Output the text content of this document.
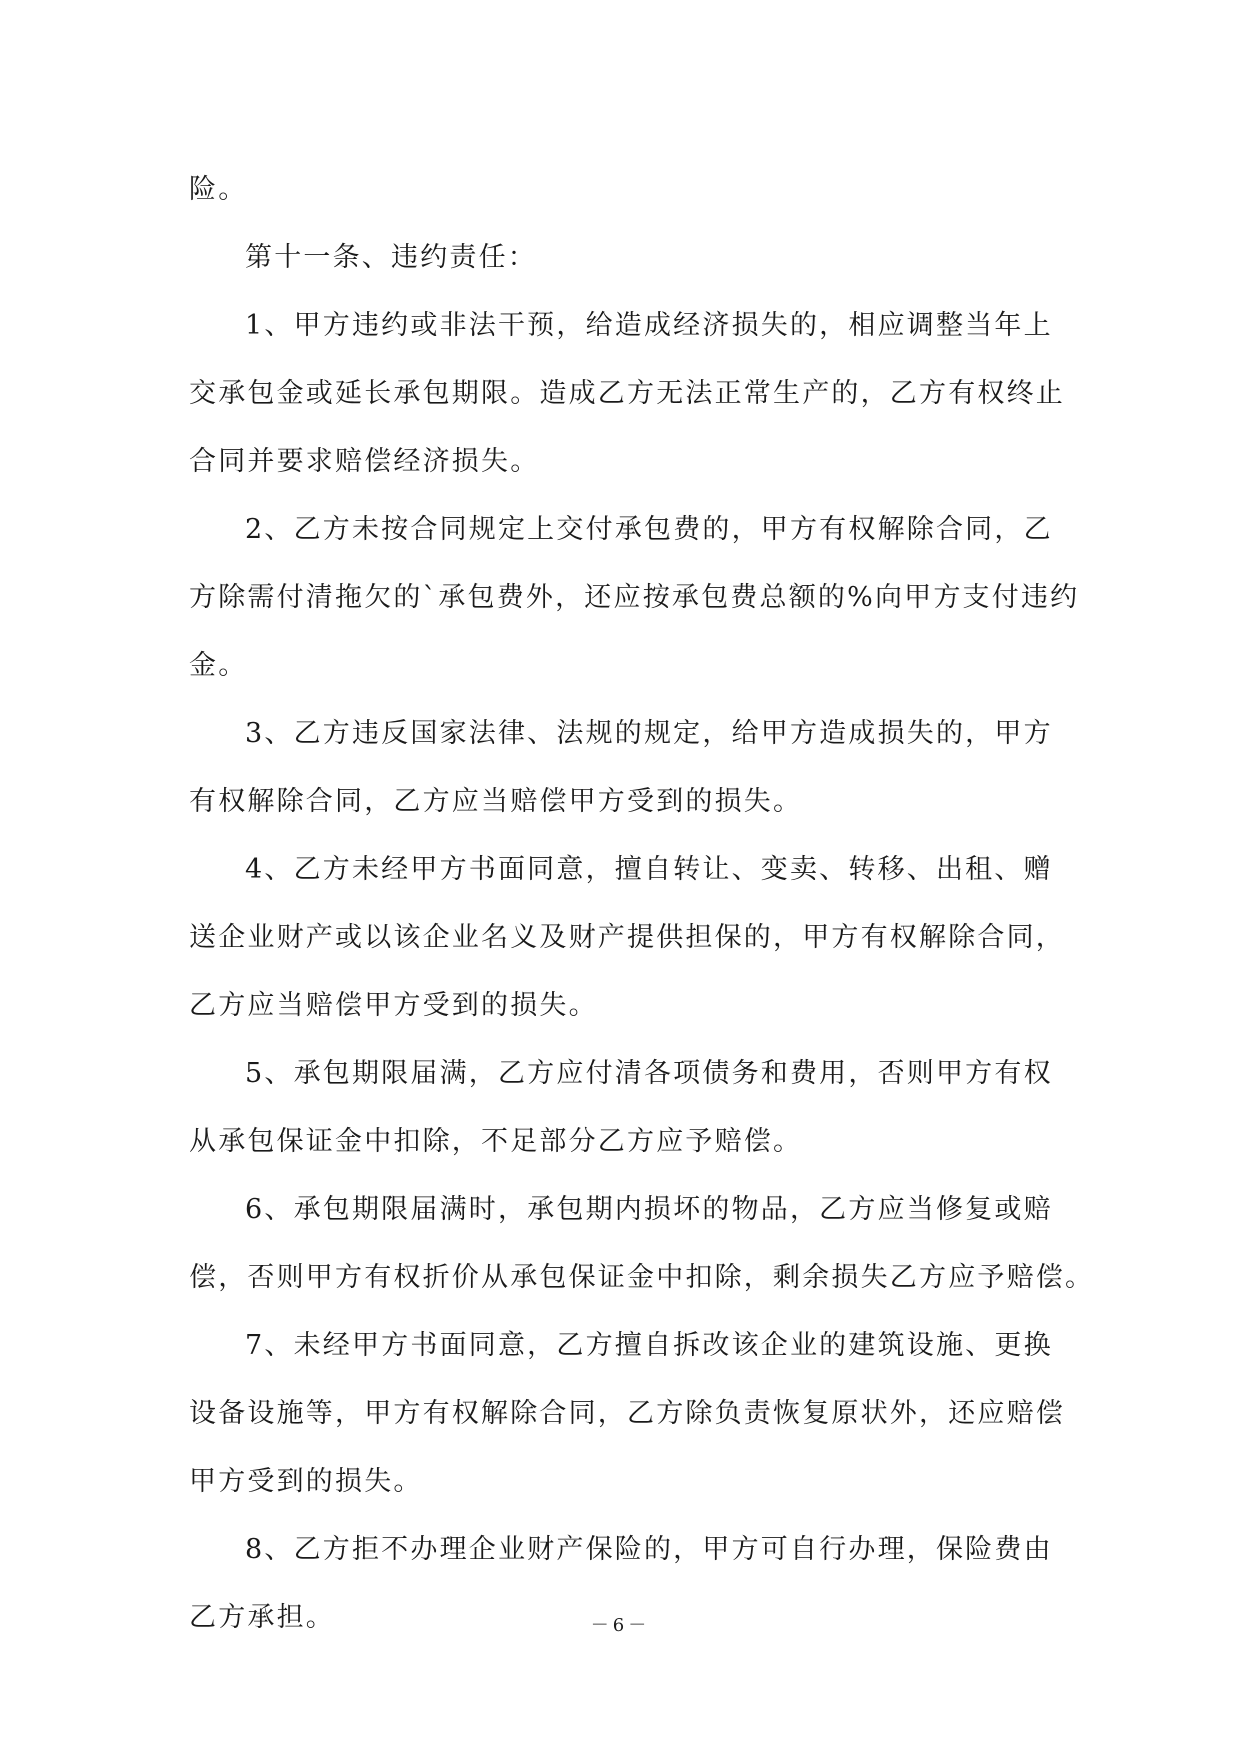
险。
第十一条、违约责任：
1、甲方违约或非法干预，给造成经济损失的，相应调整当年上
交承包金或延长承包期限。造成乙方无法正常生产的，乙方有权终止
合同并要求赔偿经济损失。
2、乙方未按合同规定上交付承包费的，甲方有权解除合同，乙
方除需付清拖欠的`承包费外，还应按承包费总额的%向甲方支付违约
金。
3、乙方违反国家法律、法规的规定，给甲方造成损失的，甲方
有权解除合同，乙方应当赔偿甲方受到的损失。
4、乙方未经甲方书面同意，擅自转让、变卖、转移、出租、赠
送企业财产或以该企业名义及财产提供担保的，甲方有权解除合同，
乙方应当赔偿甲方受到的损失。
5、承包期限届满，乙方应付清各项债务和费用，否则甲方有权
从承包保证金中扣除，不足部分乙方应予赔偿。
6、承包期限届满时，承包期内损坏的物品，乙方应当修复或赔
偿，否则甲方有权折价从承包保证金中扣除，剩余损失乙方应予赔偿。
7、未经甲方书面同意，乙方擅自拆改该企业的建筑设施、更换
设备设施等，甲方有权解除合同，乙方除负责恢复原状外，还应赔偿
甲方受到的损失。
8、乙方拒不办理企业财产保险的，甲方可自行办理，保险费由
乙方承担。	－6－
